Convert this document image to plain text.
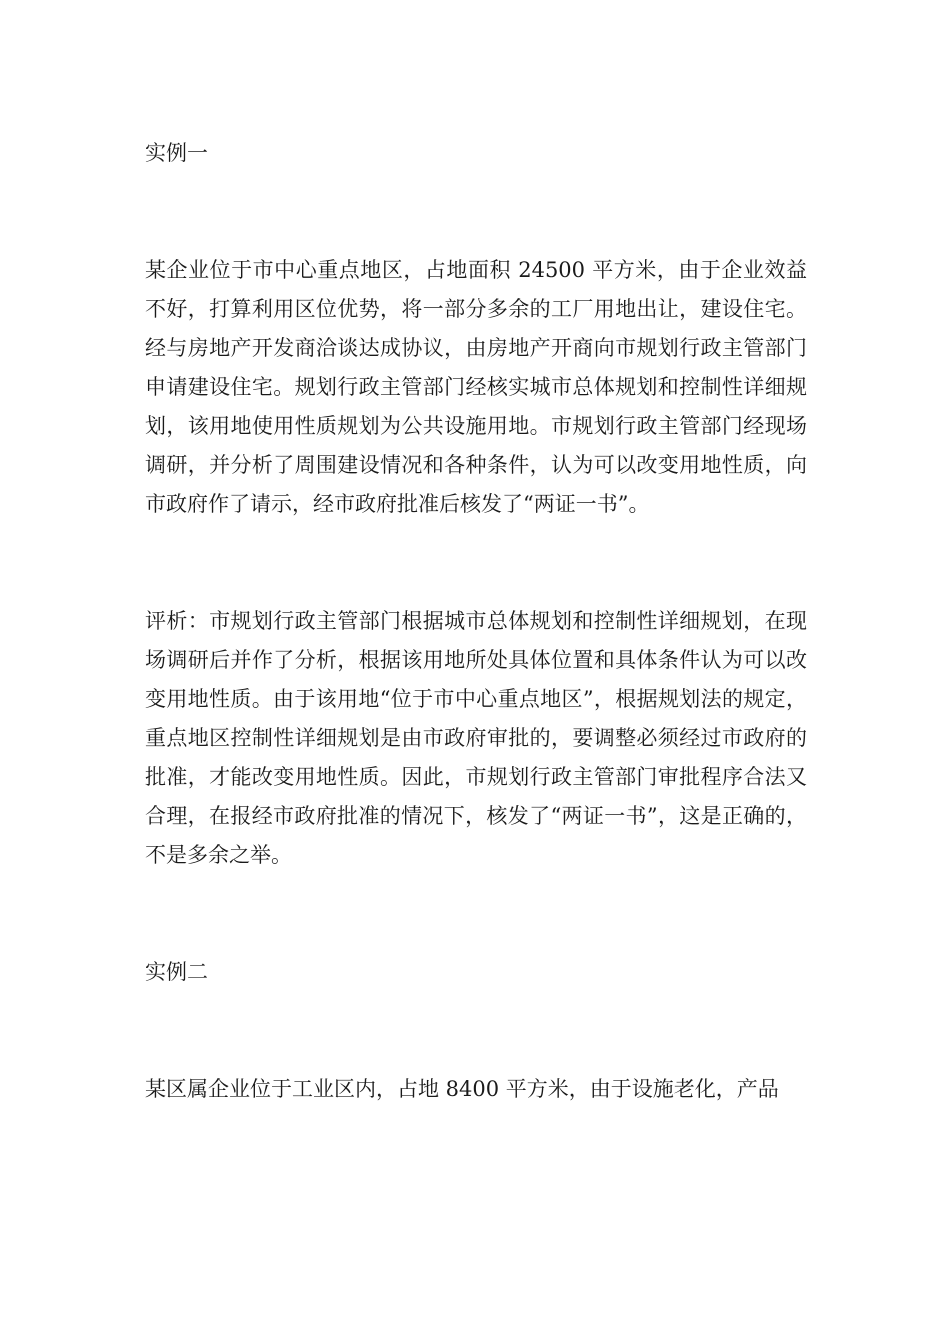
实例一

某企业位于市中心重点地区，占地面积 24500 平方米，由于企业效益不好，打算利用区位优势，将一部分多余的工厂用地出让，建设住宅。经与房地产开发商洽谈达成协议，由房地产开商向市规划行政主管部门申请建设住宅。规划行政主管部门经核实城市总体规划和控制性详细规划，该用地使用性质规划为公共设施用地。市规划行政主管部门经现场调研，并分析了周围建设情况和各种条件，认为可以改变用地性质，向市政府作了请示，经市政府批准后核发了“两证一书”。

评析：市规划行政主管部门根据城市总体规划和控制性详细规划，在现场调研后并作了分析，根据该用地所处具体位置和具体条件认为可以改变用地性质。由于该用地“位于市中心重点地区”，根据规划法的规定，重点地区控制性详细规划是由市政府审批的，要调整必须经过市政府的批准，才能改变用地性质。因此，市规划行政主管部门审批程序合法又合理，在报经市政府批准的情况下，核发了“两证一书”，这是正确的，不是多余之举。

实例二

某区属企业位于工业区内，占地 8400 平方米，由于设施老化，产品
